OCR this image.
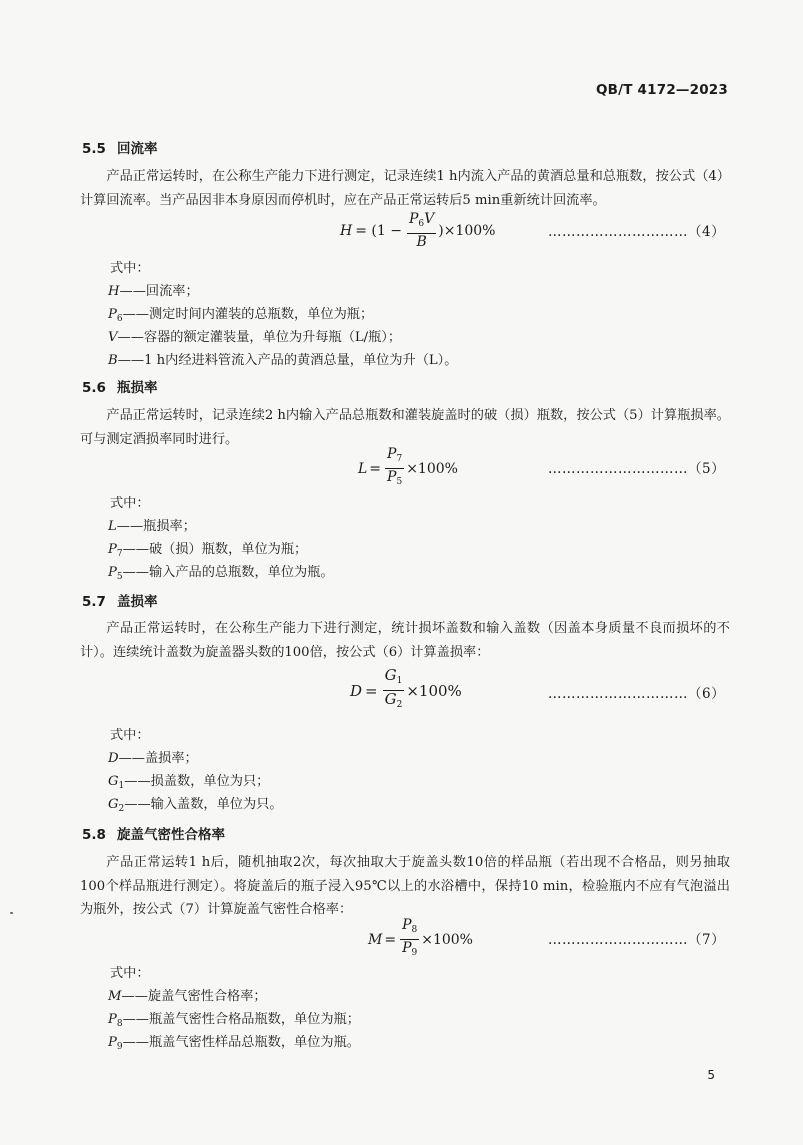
QB/T 4172—2023
5.5 回流率
产品正常运转时，在公称生产能力下进行测定，记录连续1 h内流入产品的黄酒总量和总瓶数，按公式（4）计算回流率。当产品因非本身原因而停机时，应在产品正常运转后5 min重新统计回流率。
$H = (1 - \frac{P_6V}{B} )\times 100\%$	…………………………（4）
式中：
H——回流率；
$P_6——$测定时间内灌装的总瓶数，单位为瓶；
V——容器的额定灌装量，单位为升每瓶（L/瓶）；
B——1 h内经进料管流入产品的黄酒总量，单位为升（L）。
5.6 瓶损率
产品正常运转时，记录连续2 h内输入产品总瓶数和灌装旋盖时的破（损）瓶数，按公式（5）计算瓶损率。可与测定酒损率同时进行。
$L = \frac{P_7}{P_5} \times 100\%$	…………………………（5）
式中：
L——瓶损率；
$P_7——$破（损）瓶数，单位为瓶；
$P_5——$输入产品的总瓶数，单位为瓶。
5.7 盖损率
产品正常运转时，在公称生产能力下进行测定，统计损坏盖数和输入盖数（因盖本身质量不良而损坏的不计）。连续统计盖数为旋盖器头数的100倍，按公式（6）计算盖损率：
$D = \frac{G_1}{G_2} \times 100\%$	…………………………（6）
式中：
D——盖损率；
$G_1——$损盖数，单位为只；
$G_2——$输入盖数，单位为只。
5.8 旋盖气密性合格率
产品正常运转1 h后，随机抽取2次，每次抽取大于旋盖头数10倍的样品瓶（若出现不合格品，则另抽取100个样品瓶进行测定）。将旋盖后的瓶子浸入95℃以上的水浴槽中，保持10 min，检验瓶内不应有气泡溢出为瓶外，按公式（7）计算旋盖气密性合格率：
$M = \frac{P_8}{P_9} \times 100\%$	…………………………（7）
式中：
M——旋盖气密性合格率；
$P_8——$瓶盖气密性合格品瓶数，单位为瓶；
$P_9——$瓶盖气密性样品总瓶数，单位为瓶。
5
